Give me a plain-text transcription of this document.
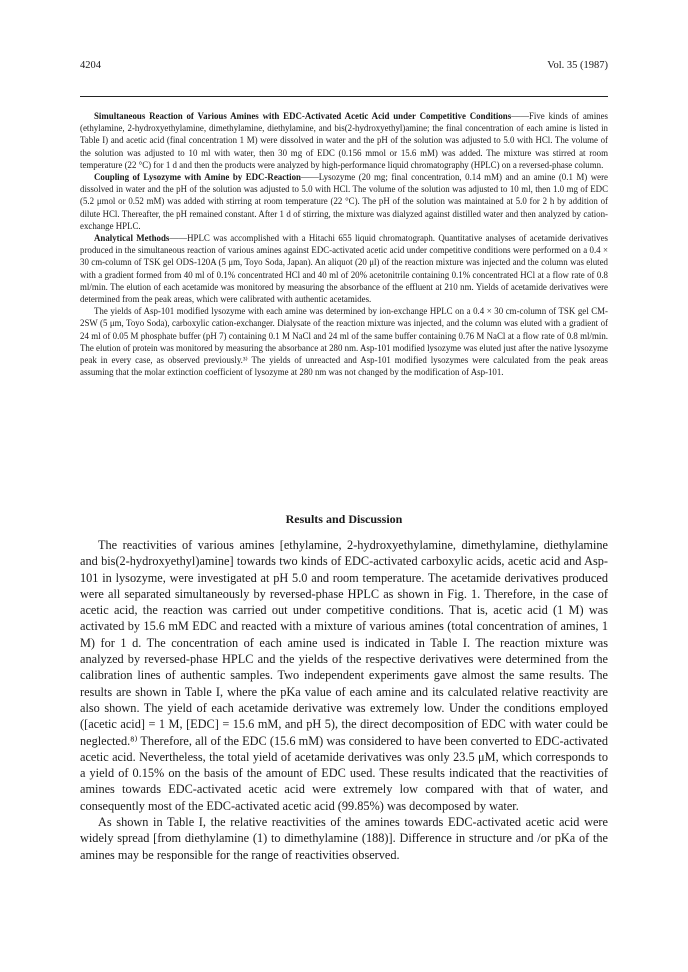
4204	Vol. 35 (1987)

Simultaneous Reaction of Various Amines with EDC-Activated Acetic Acid under Competitive Conditions——Five kinds of amines (ethylamine, 2-hydroxyethylamine, dimethylamine, diethylamine, and bis(2-hydroxyethyl)amine; the final concentration of each amine is listed in Table I) and acetic acid (final concentration 1 M) were dissolved in water and the pH of the solution was adjusted to 5.0 with HCl. The volume of the solution was adjusted to 10 ml with water, then 30 mg of EDC (0.156 mmol or 15.6 mM) was added. The mixture was stirred at room temperature (22 °C) for 1 d and then the products were analyzed by high-performance liquid chromatography (HPLC) on a reversed-phase column.

Coupling of Lysozyme with Amine by EDC-Reaction——Lysozyme (20 mg; final concentration, 0.14 mM) and an amine (0.1 M) were dissolved in water and the pH of the solution was adjusted to 5.0 with HCl. The volume of the solution was adjusted to 10 ml, then 1.0 mg of EDC (5.2 μmol or 0.52 mM) was added with stirring at room temperature (22 °C). The pH of the solution was maintained at 5.0 for 2 h by addition of dilute HCl. Thereafter, the pH remained constant. After 1 d of stirring, the mixture was dialyzed against distilled water and then analyzed by cation-exchange HPLC.

Analytical Methods——HPLC was accomplished with a Hitachi 655 liquid chromatograph. Quantitative analyses of acetamide derivatives produced in the simultaneous reaction of various amines against EDC-activated acetic acid under competitive conditions were performed on a 0.4 × 30 cm-column of TSK gel ODS-120A (5 μm, Toyo Soda, Japan). An aliquot (20 μl) of the reaction mixture was injected and the column was eluted with a gradient formed from 40 ml of 0.1% concentrated HCl and 40 ml of 20% acetonitrile containing 0.1% concentrated HCl at a flow rate of 0.8 ml/min. The elution of each acetamide was monitored by measuring the absorbance of the effluent at 210 nm. Yields of acetamide derivatives were determined from the peak areas, which were calibrated with authentic acetamides.

The yields of Asp-101 modified lysozyme with each amine was determined by ion-exchange HPLC on a 0.4 × 30 cm-column of TSK gel CM-2SW (5 μm, Toyo Soda), carboxylic cation-exchanger. Dialysate of the reaction mixture was injected, and the column was eluted with a gradient of 24 ml of 0.05 M phosphate buffer (pH 7) containing 0.1 M NaCl and 24 ml of the same buffer containing 0.76 M NaCl at a flow rate of 0.8 ml/min. The elution of protein was monitored by measuring the absorbance at 280 nm. Asp-101 modified lysozyme was eluted just after the native lysozyme peak in every case, as observed previously.³⁾ The yields of unreacted and Asp-101 modified lysozymes were calculated from the peak areas assuming that the molar extinction coefficient of lysozyme at 280 nm was not changed by the modification of Asp-101.

Results and Discussion

The reactivities of various amines [ethylamine, 2-hydroxyethylamine, dimethylamine, diethylamine and bis(2-hydroxyethyl)amine] towards two kinds of EDC-activated carboxylic acids, acetic acid and Asp-101 in lysozyme, were investigated at pH 5.0 and room temperature. The acetamide derivatives produced were all separated simultaneously by reversed-phase HPLC as shown in Fig. 1. Therefore, in the case of acetic acid, the reaction was carried out under competitive conditions. That is, acetic acid (1 M) was activated by 15.6 mM EDC and reacted with a mixture of various amines (total concentration of amines, 1 M) for 1 d. The concentration of each amine used is indicated in Table I. The reaction mixture was analyzed by reversed-phase HPLC and the yields of the respective derivatives were determined from the calibration lines of authentic samples. Two independent experiments gave almost the same results. The results are shown in Table I, where the pKa value of each amine and its calculated relative reactivity are also shown. The yield of each acetamide derivative was extremely low. Under the conditions employed ([acetic acid] = 1 M, [EDC] = 15.6 mM, and pH 5), the direct decomposition of EDC with water could be neglected.⁸⁾ Therefore, all of the EDC (15.6 mM) was considered to have been converted to EDC-activated acetic acid. Nevertheless, the total yield of acetamide derivatives was only 23.5 μM, which corresponds to a yield of 0.15% on the basis of the amount of EDC used. These results indicated that the reactivities of amines towards EDC-activated acetic acid were extremely low compared with that of water, and consequently most of the EDC-activated acetic acid (99.85%) was decomposed by water.

As shown in Table I, the relative reactivities of the amines towards EDC-activated acetic acid were widely spread [from diethylamine (1) to dimethylamine (188)]. Difference in structure and /or pKa of the amines may be responsible for the range of reactivities observed.
